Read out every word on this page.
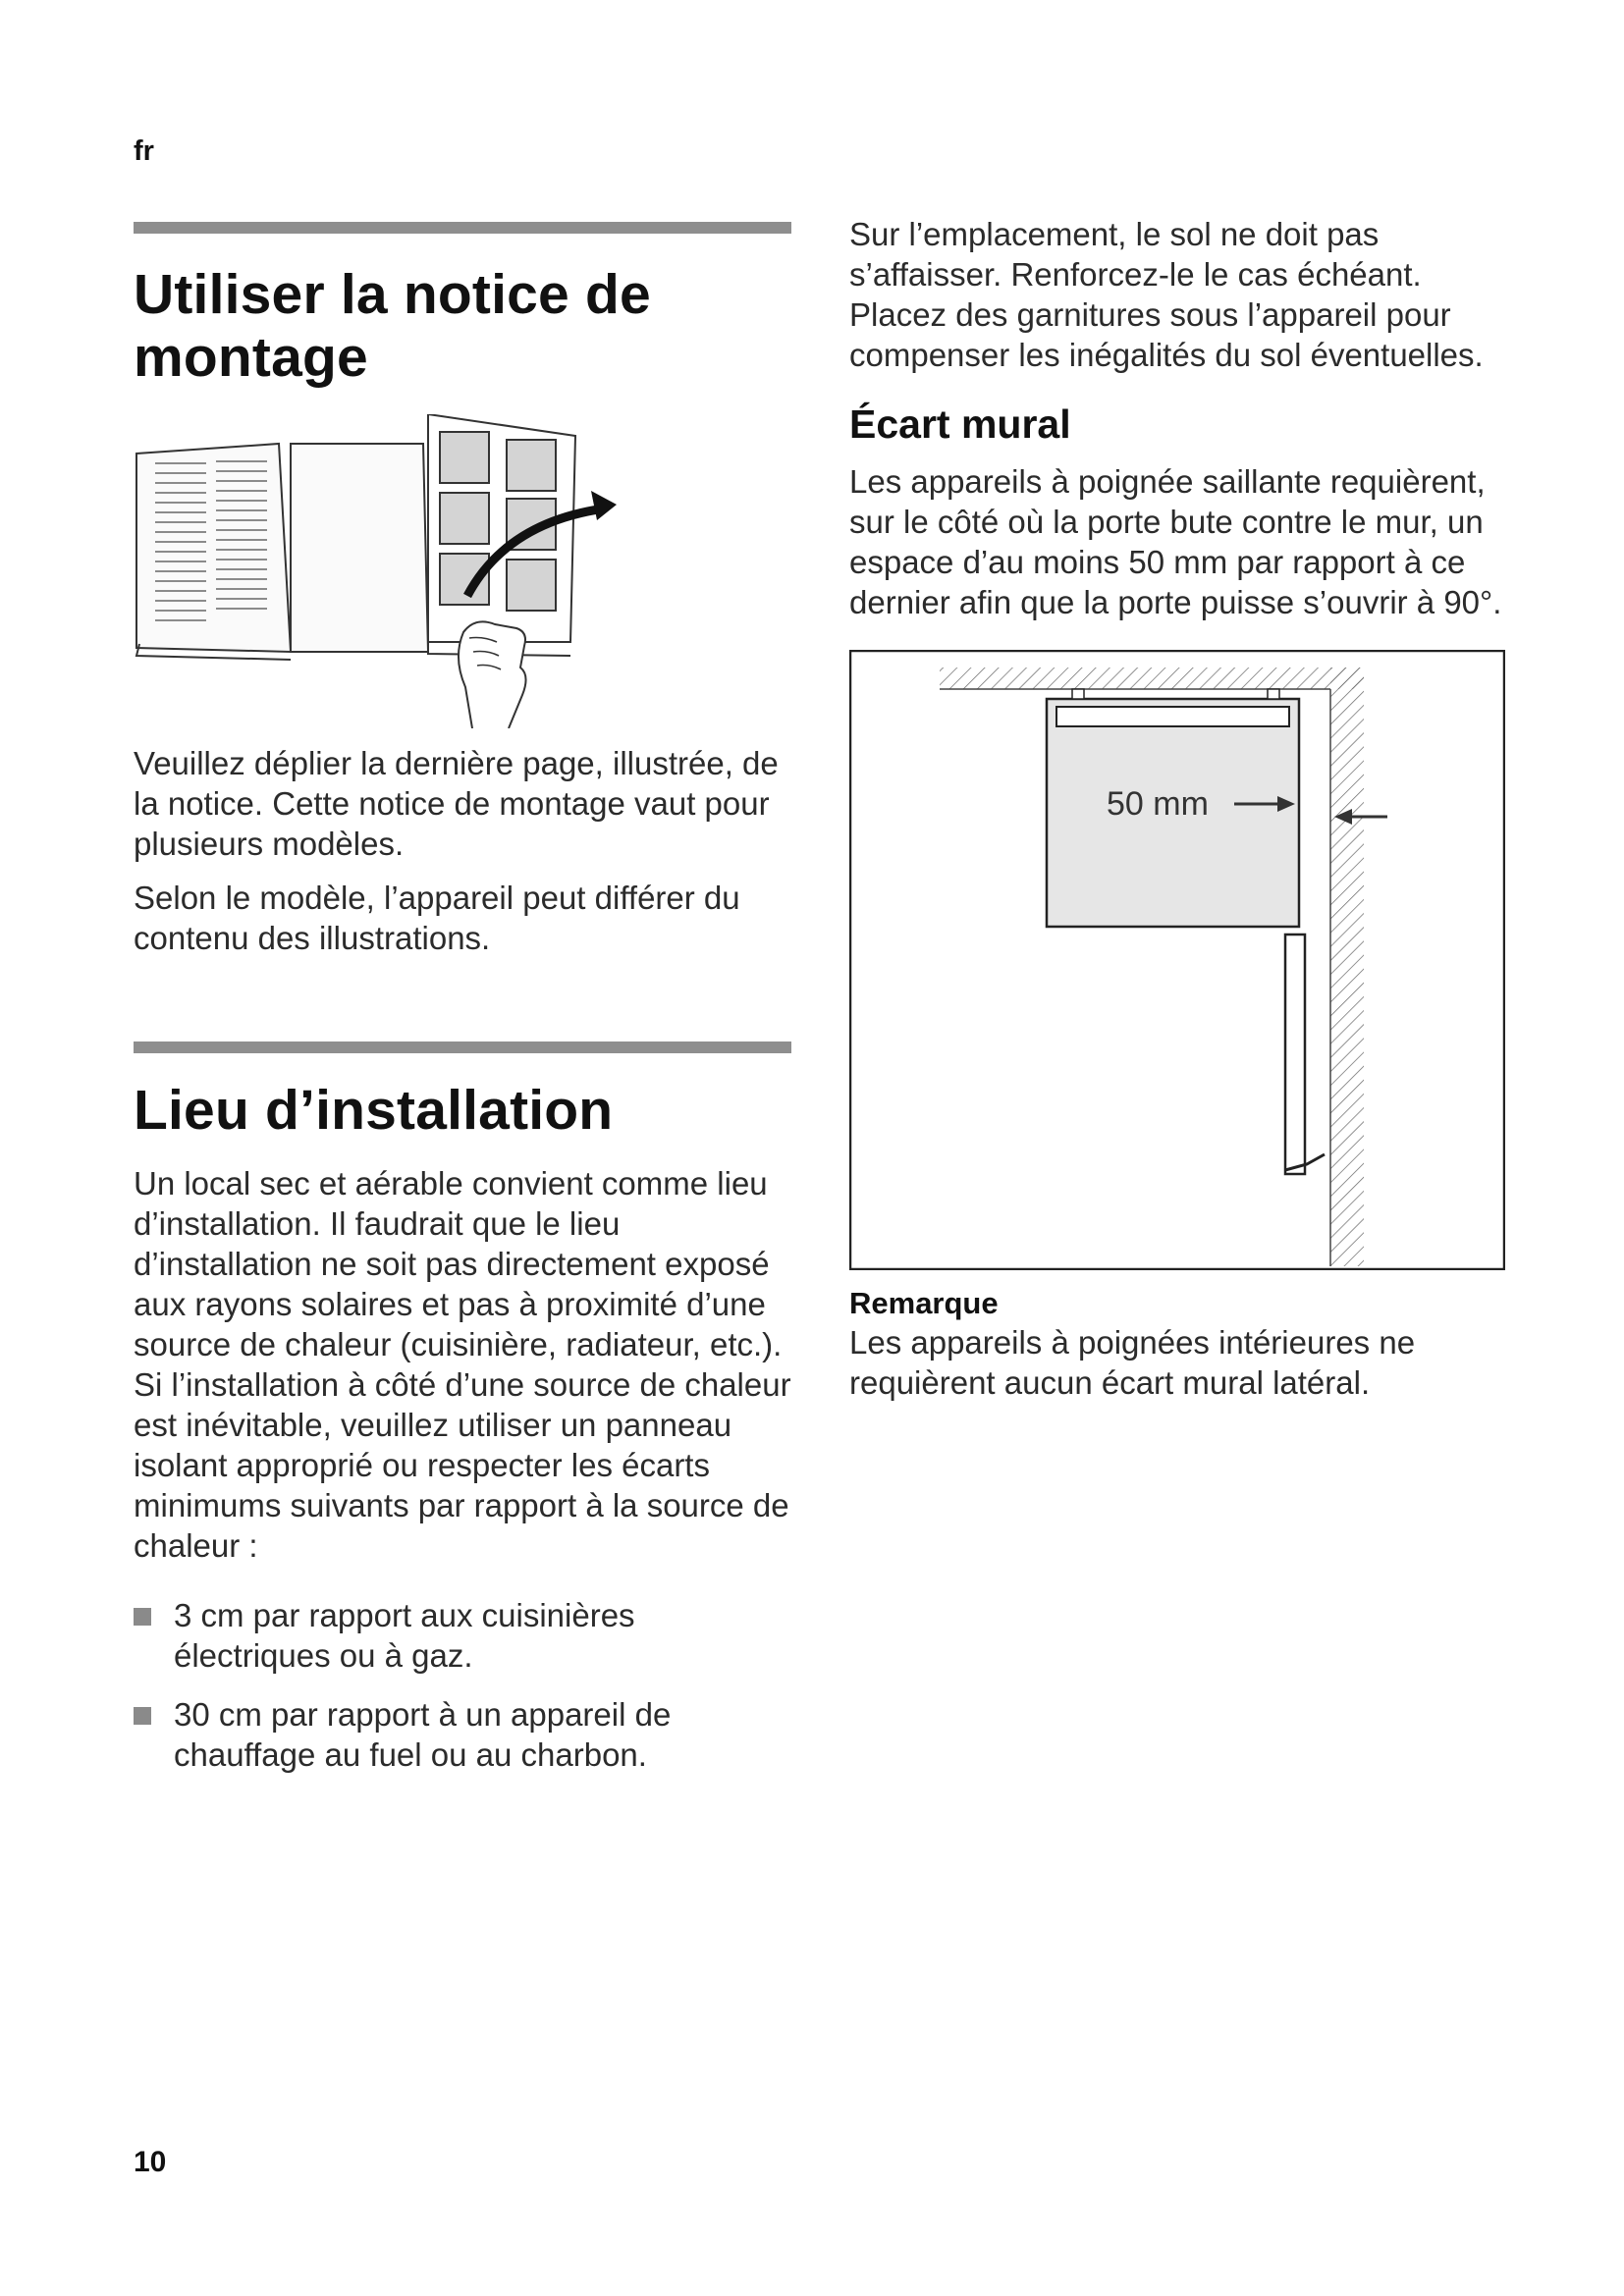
fr
Utiliser la notice de montage

Veuillez déplier la dernière page, illustrée, de la notice. Cette notice de montage vaut pour plusieurs modèles.

Selon le modèle, l’appareil peut différer du contenu des illustrations.

Lieu d’installation

Un local sec et aérable convient comme lieu d’installation. Il faudrait que le lieu d’installation ne soit pas directement exposé aux rayons solaires et pas à proximité d’une source de chaleur (cuisinière, radiateur, etc.). Si l’installation à côté d’une source de chaleur est inévitable, veuillez utiliser un panneau isolant approprié ou respecter les écarts minimums suivants par rapport à la source de chaleur :

3 cm par rapport aux cuisinières électriques ou à gaz.
30 cm par rapport à un appareil de chauffage au fuel ou au charbon.

Sur l’emplacement, le sol ne doit pas s’affaisser. Renforcez-le le cas échéant. Placez des garnitures sous l’appareil pour compenser les inégalités du sol éventuelles.

Écart mural

Les appareils à poignée saillante requièrent, sur le côté où la porte bute contre le mur, un espace d’au moins 50 mm par rapport à ce dernier afin que la porte puisse s’ouvrir à 90°.

50 mm
Remarque

Les appareils à poignées intérieures ne requièrent aucun écart mural latéral.

10
